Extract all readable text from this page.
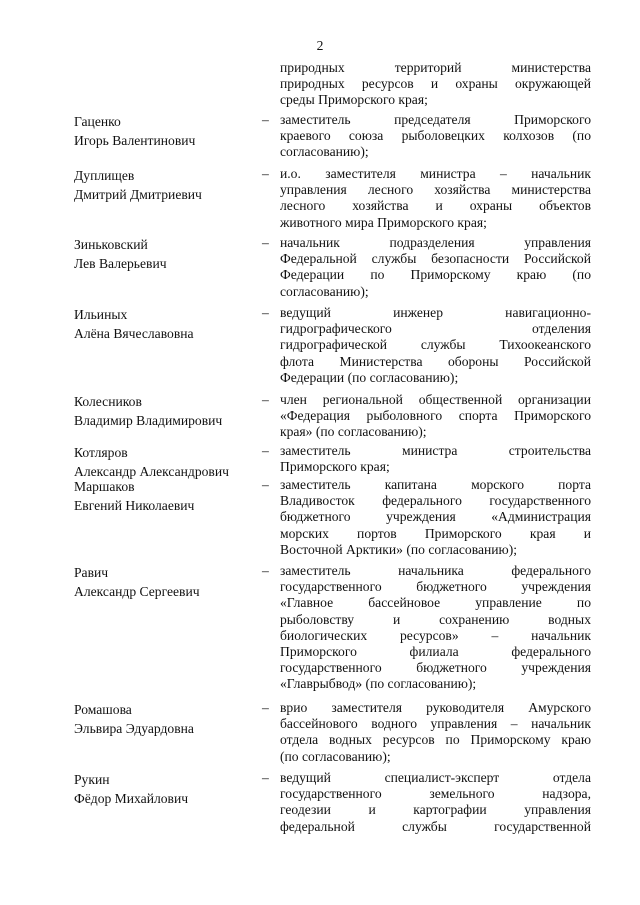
2
природных территорий министерства
природных ресурсов и охраны окружающей
среды Приморского края;
Гаценко
Игорь Валентинович
– заместитель председателя Приморского
краевого союза рыболовецких колхозов (по
согласованию);
Дуплищев
Дмитрий Дмитриевич
– и.о. заместителя министра – начальник
управления лесного хозяйства министерства
лесного хозяйства и охраны объектов
животного мира Приморского края;
Зиньковский
Лев Валерьевич
– начальник подразделения управления
Федеральной службы безопасности Российской
Федерации по Приморскому краю (по
согласованию);
Ильиных
Алёна Вячеславовна
– ведущий инженер навигационно-
гидрографического отделения
гидрографической службы Тихоокеанского
флота Министерства обороны Российской
Федерации (по согласованию);
Колесников
Владимир Владимирович
– член региональной общественной организации
«Федерация рыболовного спорта Приморского
края» (по согласованию);
Котляров
Александр Александрович
– заместитель министра строительства
Приморского края;
Маршаков
Евгений Николаевич
– заместитель капитана морского порта
Владивосток федерального государственного
бюджетного учреждения «Администрация
морских портов Приморского края и
Восточной Арктики» (по согласованию);
Равич
Александр Сергеевич
– заместитель начальника федерального
государственного бюджетного учреждения
«Главное бассейновое управление по
рыболовству и сохранению водных
биологических ресурсов» – начальник
Приморского филиала федерального
государственного бюджетного учреждения
«Главрыбвод» (по согласованию);
Ромашова
Эльвира Эдуардовна
– врио заместителя руководителя Амурского
бассейнового водного управления – начальник
отдела водных ресурсов по Приморскому краю
(по согласованию);
Рукин
Фёдор Михайлович
– ведущий специалист-эксперт отдела
государственного земельного надзора,
геодезии и картографии управления
федеральной службы государственной
